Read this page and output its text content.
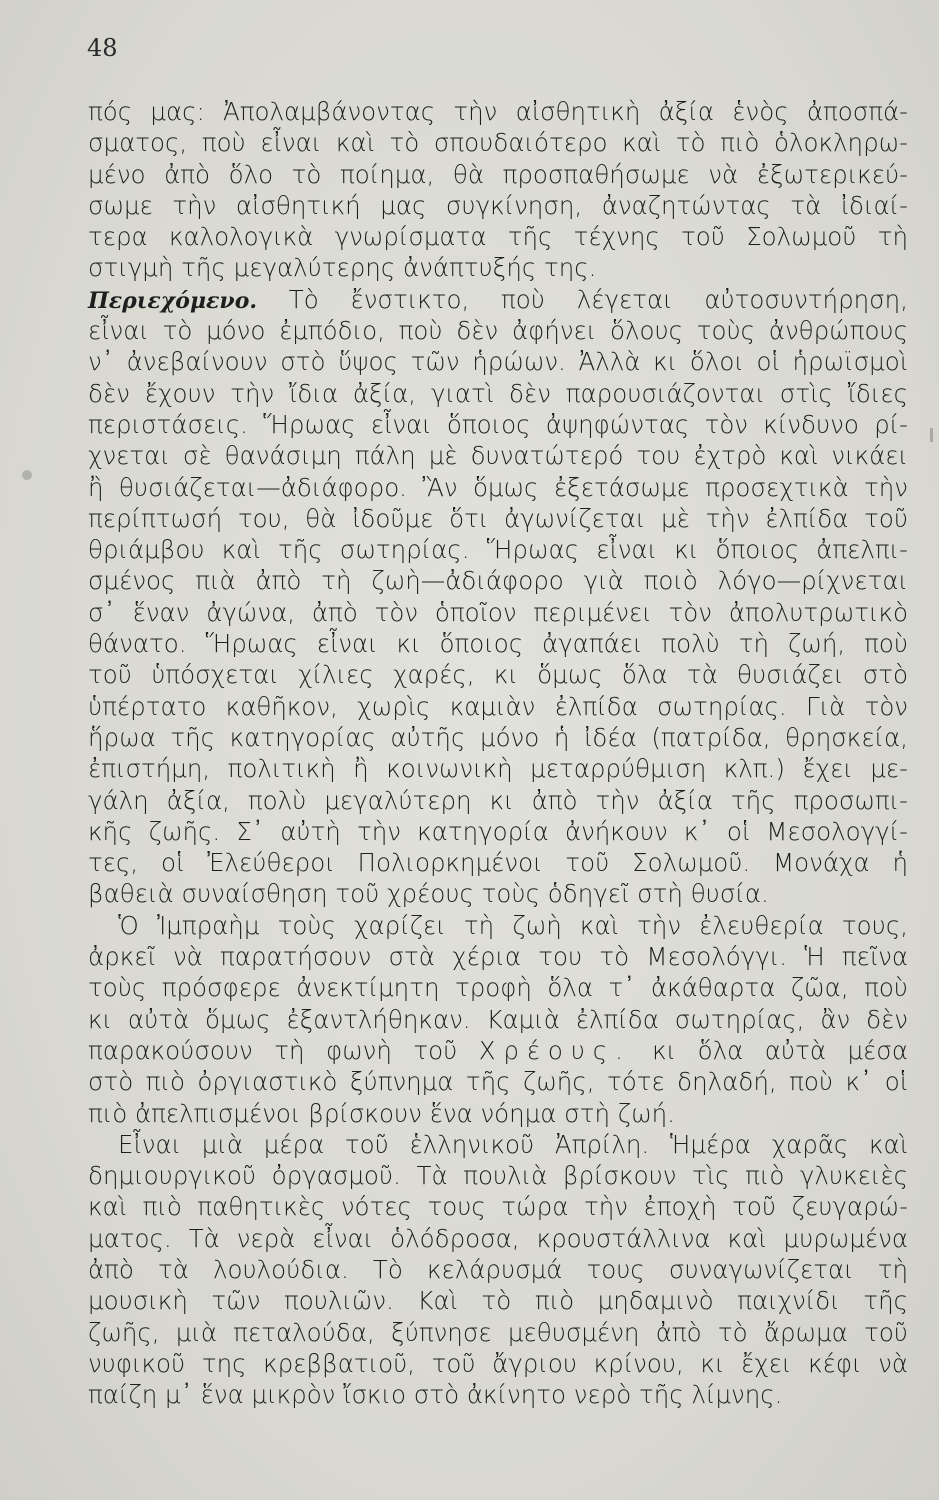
48
πός μας: Ἀπολαμβάνοντας τὴν αἰσθητικὴ ἀξία ἑνὸς ἀποσπά-
σματος, ποὺ εἶναι καὶ τὸ σπουδαιότερο καὶ τὸ πιὸ ὁλοκληρω-
μένο ἀπὸ ὅλο τὸ ποίημα, θὰ προσπαθήσωμε νὰ ἐξωτερικεύ-
σωμε τὴν αἰσθητική μας συγκίνηση, ἀναζητώντας τὰ ἰδιαί-
τερα καλολογικὰ γνωρίσματα τῆς τέχνης τοῦ Σολωμοῦ τὴ
στιγμὴ τῆς μεγαλύτερης ἀνάπτυξής της.
Περιεχόμενο. Τὸ ἔνστικτο, ποὺ λέγεται αὐτοσυντήρηση,
εἶναι τὸ μόνο ἐμπόδιο, ποὺ δὲν ἀφήνει ὅλους τοὺς ἀνθρώπους
ν᾽ ἀνεβαίνουν στὸ ὕψος τῶν ἡρώων. Ἀλλὰ κι ὅλοι οἱ ἡρωϊσμοὶ
δὲν ἔχουν τὴν ἴδια ἀξία, γιατὶ δὲν παρουσιάζονται στὶς ἴδιες
περιστάσεις. Ἥρωας εἶναι ὅποιος ἀψηφώντας τὸν κίνδυνο ρί-
χνεται σὲ θανάσιμη πάλη μὲ δυνατώτερό του ἐχτρὸ καὶ νικάει
ἢ θυσιάζεται—ἀδιάφορο. Ἂν ὅμως ἐξετάσωμε προσεχτικὰ τὴν
περίπτωσή του, θὰ ἰδοῦμε ὅτι ἀγωνίζεται μὲ τὴν ἐλπίδα τοῦ
θριάμβου καὶ τῆς σωτηρίας. Ἥρωας εἶναι κι ὅποιος ἀπελπι-
σμένος πιὰ ἀπὸ τὴ ζωὴ—ἀδιάφορο γιὰ ποιὸ λόγο—ρίχνεται
σ᾽ ἕναν ἀγώνα, ἀπὸ τὸν ὁποῖον περιμένει τὸν ἀπολυτρωτικὸ
θάνατο. Ἥρωας εἶναι κι ὅποιος ἀγαπάει πολὺ τὴ ζωή, ποὺ
τοῦ ὑπόσχεται χίλιες χαρές, κι ὅμως ὅλα τὰ θυσιάζει στὸ
ὑπέρτατο καθῆκον, χωρὶς καμιὰν ἐλπίδα σωτηρίας. Γιὰ τὸν
ἥρωα τῆς κατηγορίας αὐτῆς μόνο ἡ ἰδέα (πατρίδα, θρησκεία,
ἐπιστήμη, πολιτικὴ ἢ κοινωνικὴ μεταρρύθμιση κλπ.) ἔχει με-
γάλη ἀξία, πολὺ μεγαλύτερη κι ἀπὸ τὴν ἀξία τῆς προσωπι-
κῆς ζωῆς. Σ᾽ αὐτὴ τὴν κατηγορία ἀνήκουν κ᾽ οἱ Μεσολογγί-
τες, οἱ Ἐλεύθεροι Πολιορκημένοι τοῦ Σολωμοῦ. Μονάχα ἡ
βαθειὰ συναίσθηση τοῦ χρέους τοὺς ὁδηγεῖ στὴ θυσία.
Ὁ Ἰμπραὴμ τοὺς χαρίζει τὴ ζωὴ καὶ τὴν ἐλευθερία τους,
ἀρκεῖ νὰ παρατήσουν στὰ χέρια του τὸ Μεσολόγγι. Ἡ πεῖνα
τοὺς πρόσφερε ἀνεκτίμητη τροφὴ ὅλα τ᾽ ἀκάθαρτα ζῶα, ποὺ
κι αὐτὰ ὅμως ἐξαντλήθηκαν. Καμιὰ ἐλπίδα σωτηρίας, ἂν δὲν
παρακούσουν τὴ φωνὴ τοῦ Χρέους. κι ὅλα αὐτὰ μέσα
στὸ πιὸ ὀργιαστικὸ ξύπνημα τῆς ζωῆς, τότε δηλαδή, ποὺ κ᾽ οἱ
πιὸ ἀπελπισμένοι βρίσκουν ἕνα νόημα στὴ ζωή.
Εἶναι μιὰ μέρα τοῦ ἑλληνικοῦ Ἀπρίλη. Ἡμέρα χαρᾶς καὶ
δημιουργικοῦ ὀργασμοῦ. Τὰ πουλιὰ βρίσκουν τὶς πιὸ γλυκειὲς
καὶ πιὸ παθητικὲς νότες τους τώρα τὴν ἐποχὴ τοῦ ζευγαρώ-
ματος. Τὰ νερὰ εἶναι ὁλόδροσα, κρουστάλλινα καὶ μυρωμένα
ἀπὸ τὰ λουλούδια. Τὸ κελάρυσμά τους συναγωνίζεται τὴ
μουσικὴ τῶν πουλιῶν. Καὶ τὸ πιὸ μηδαμινὸ παιχνίδι τῆς
ζωῆς, μιὰ πεταλούδα, ξύπνησε μεθυσμένη ἀπὸ τὸ ἄρωμα τοῦ
νυφικοῦ της κρεββατιοῦ, τοῦ ἄγριου κρίνου, κι ἔχει κέφι νὰ
παίζη μ᾽ ἕνα μικρὸν ἴσκιο στὸ ἀκίνητο νερὸ τῆς λίμνης.
